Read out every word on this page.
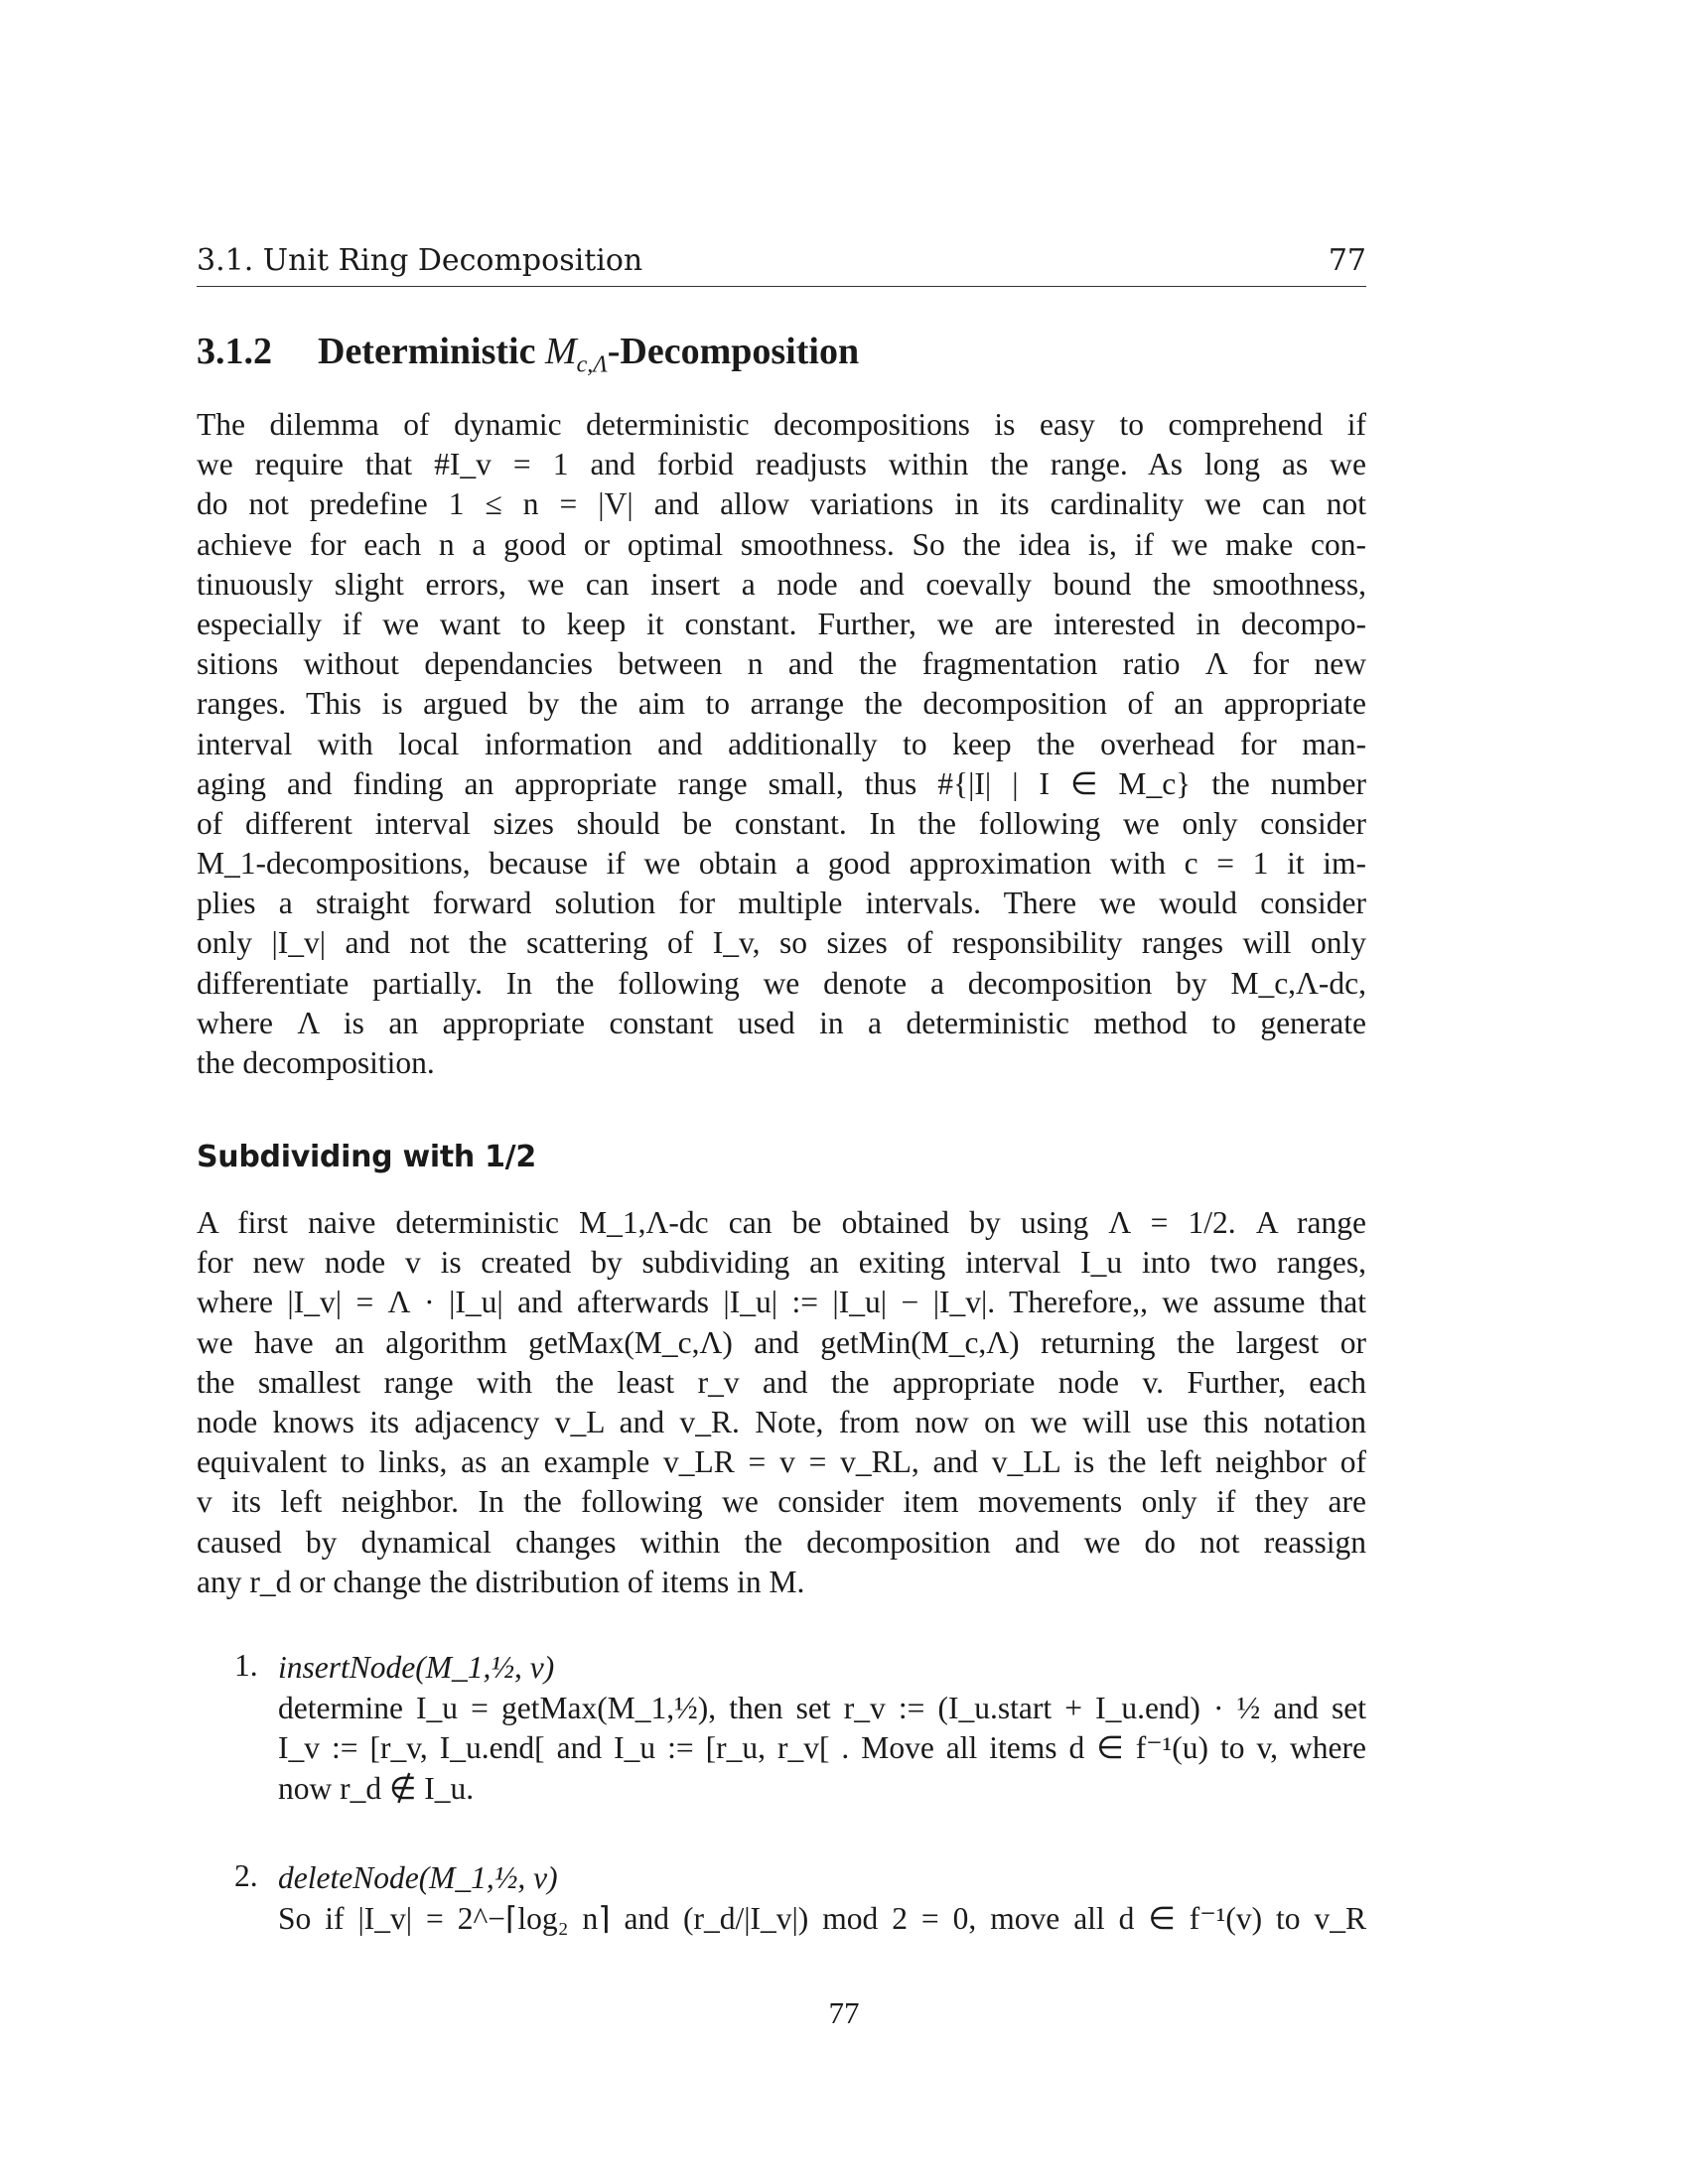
3.1. Unit Ring Decomposition	77
3.1.2 Deterministic $M_{c,\Lambda}$-Decomposition
The dilemma of dynamic deterministic decompositions is easy to comprehend if
we require that #I_v = 1 and forbid readjusts within the range. As long as we
do not predefine 1 ≤ n = |V| and allow variations in its cardinality we can not
achieve for each n a good or optimal smoothness. So the idea is, if we make con-
tinuously slight errors, we can insert a node and coevally bound the smoothness,
especially if we want to keep it constant. Further, we are interested in decompo-
sitions without dependancies between n and the fragmentation ratio Λ for new
ranges. This is argued by the aim to arrange the decomposition of an appropriate
interval with local information and additionally to keep the overhead for man-
aging and finding an appropriate range small, thus #{|I| | I ∈ M_c} the number
of different interval sizes should be constant. In the following we only consider
M_1-decompositions, because if we obtain a good approximation with c = 1 it im-
plies a straight forward solution for multiple intervals. There we would consider
only |I_v| and not the scattering of I_v, so sizes of responsibility ranges will only
differentiate partially. In the following we denote a decomposition by M_c,Λ-dc,
where Λ is an appropriate constant used in a deterministic method to generate
the decomposition.
Subdividing with 1/2
A first naive deterministic M_1,Λ-dc can be obtained by using Λ = 1/2. A range
for new node v is created by subdividing an exiting interval I_u into two ranges,
where |I_v| = Λ · |I_u| and afterwards |I_u| := |I_u| − |I_v|. Therefore,, we assume that
we have an algorithm getMax(M_c,Λ) and getMin(M_c,Λ) returning the largest or
the smallest range with the least r_v and the appropriate node v. Further, each
node knows its adjacency v_L and v_R. Note, from now on we will use this notation
equivalent to links, as an example v_LR = v = v_RL, and v_LL is the left neighbor of
v its left neighbor. In the following we consider item movements only if they are
caused by dynamical changes within the decomposition and we do not reassign
any r_d or change the distribution of items in M.
1. insertNode(M_1,½, v)
determine I_u = getMax(M_1,½), then set r_v := (I_u.start + I_u.end) · ½ and set
I_v := [r_v, I_u.end[ and I_u := [r_u, r_v[ . Move all items d ∈ f⁻¹(u) to v, where
now r_d ∉ I_u.
2. deleteNode(M_1,½, v)
So if |I_v| = 2^−⌈log₂ n⌉ and (r_d/|I_v|) mod 2 = 0, move all d ∈ f⁻¹(v) to v_R
77
